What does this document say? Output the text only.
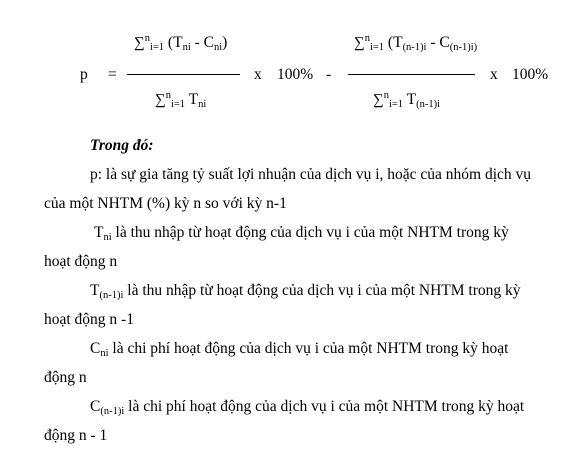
p =
∑$^n_{i=1}$ $(T_{ni} - C_{ni})$
∑$^n_{i=1}$ $T_{ni}$
x 100% -
∑$^n_{i=1}$ ($T_{(n-1)i} - C_{(n-1)i)}$
∑$^n_{i=1}$ $T_{(n-1)i}$
x 100%
Trong đó:
p: là sự gia tăng tỷ suất lợi nhuận của dịch vụ i, hoặc của nhóm dịch vụ
của một NHTM (%) kỳ n so với kỳ n-1
$T_{ni}$ là thu nhập từ hoạt động của dịch vụ i của một NHTM trong kỳ
hoạt động n
$T_{(n-1)i}$ là thu nhập từ hoạt động của dịch vụ i của một NHTM trong kỳ
hoạt động n -1
$C_{ni}$ là chi phí hoạt động của dịch vụ i của một NHTM trong kỳ hoạt
động n
$C_{(n-1)i}$ là chi phí hoạt động của dịch vụ i của một NHTM trong kỳ hoạt
động n - 1
